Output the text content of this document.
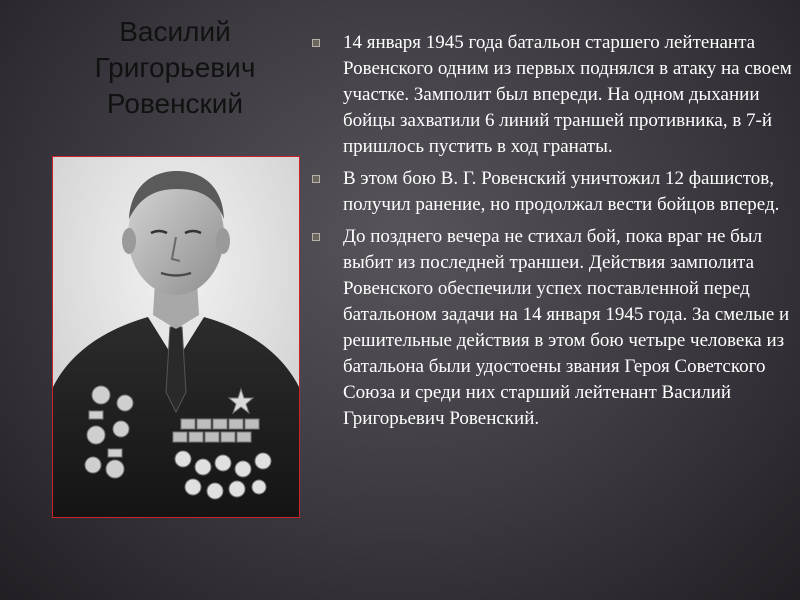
Василий
Григорьевич
Ровенский
14 января 1945 года батальон старшего лейтенанта Ровенского одним из первых поднялся в атаку на своем участке. Замполит был впереди. На одном дыхании бойцы захватили 6 линий траншей противника, в 7-й пришлось пустить в ход гранаты.
В этом бою В. Г. Ровенский уничтожил 12 фашистов, получил ранение, но продолжал вести бойцов вперед.
До позднего вечера не стихал бой, пока враг не был выбит из последней траншеи. Действия замполита Ровенского обеспечили успех поставленной перед батальоном задачи на 14 января 1945 года. За смелые и решительные действия в этом бою четыре человека из батальона были удостоены звания Героя Советского Союза и среди них старший лейтенант Василий Григорьевич Ровенский.
